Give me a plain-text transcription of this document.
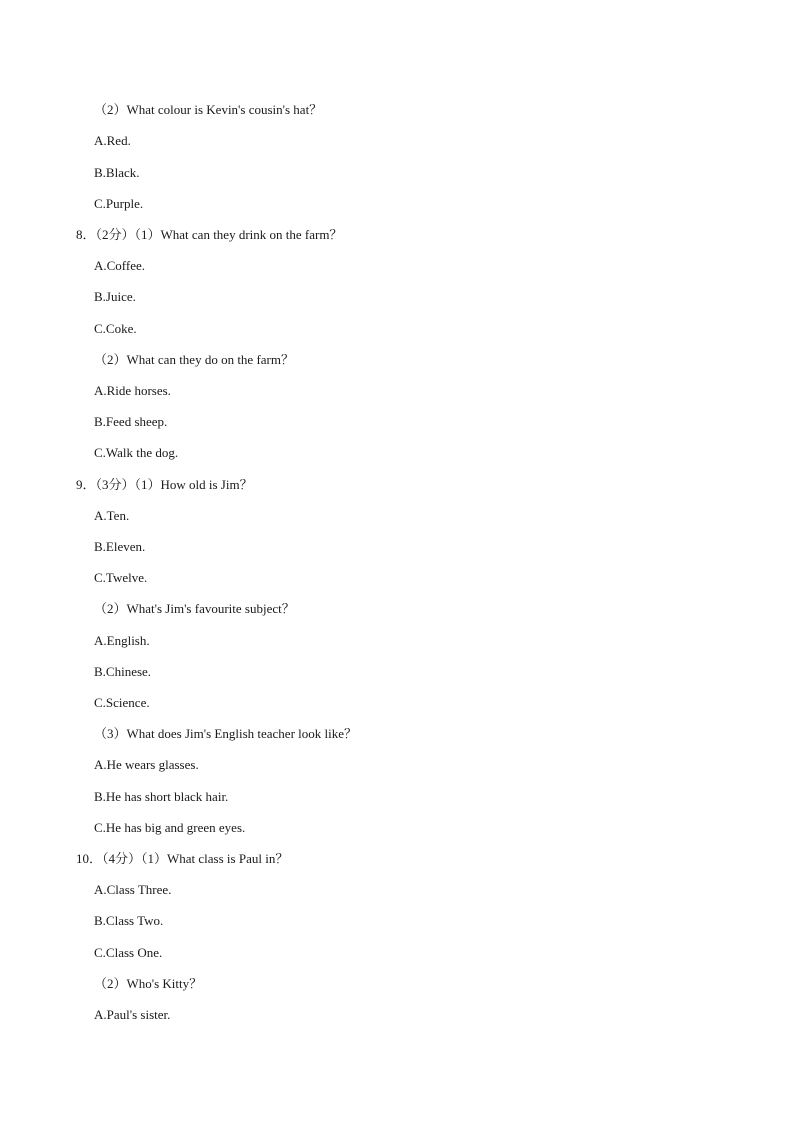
（2）What colour is Kevin's cousin's hat？
A.Red.
B.Black.
C.Purple.
8．（2分）（1）What can they drink on the farm？
A.Coffee.
B.Juice.
C.Coke.
（2）What can they do on the farm？
A.Ride horses.
B.Feed sheep.
C.Walk the dog.
9．（3分）（1）How old is Jim？
A.Ten.
B.Eleven.
C.Twelve.
（2）What's Jim's favourite subject？
A.English.
B.Chinese.
C.Science.
（3）What does Jim's English teacher look like？
A.He wears glasses.
B.He has short black hair.
C.He has big and green eyes.
10．（4分）（1）What class is Paul in？
A.Class Three.
B.Class Two.
C.Class One.
（2）Who's Kitty？
A.Paul's sister.
